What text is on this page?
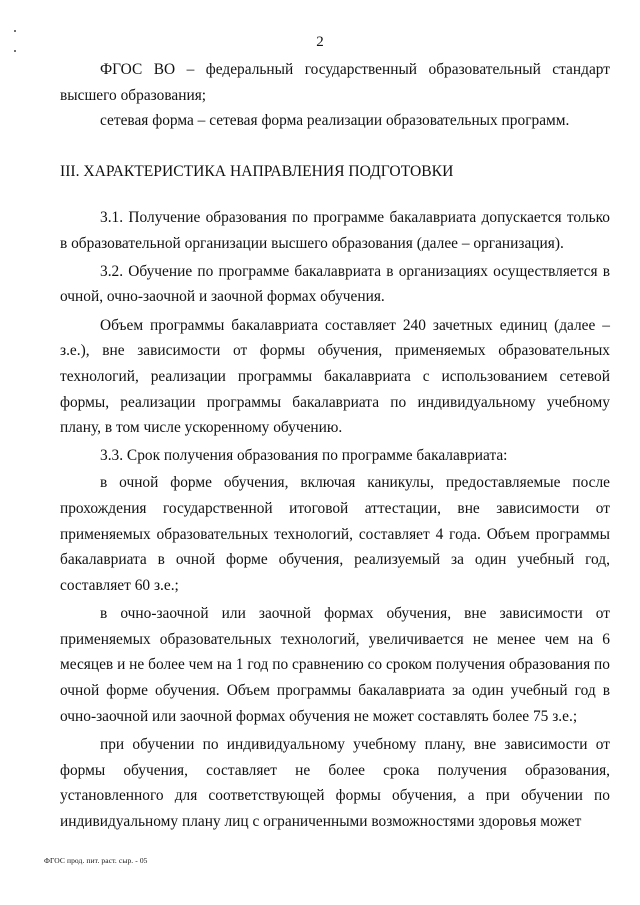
2

ФГОС ВО – федеральный государственный образовательный стандарт высшего образования;

сетевая форма – сетевая форма реализации образовательных программ.

III. ХАРАКТЕРИСТИКА НАПРАВЛЕНИЯ ПОДГОТОВКИ

3.1. Получение образования по программе бакалавриата допускается только в образовательной организации высшего образования (далее – организация).

3.2. Обучение по программе бакалавриата в организациях осуществляется в очной, очно-заочной и заочной формах обучения.

Объем программы бакалавриата составляет 240 зачетных единиц (далее – з.е.), вне зависимости от формы обучения, применяемых образовательных технологий, реализации программы бакалавриата с использованием сетевой формы, реализации программы бакалавриата по индивидуальному учебному плану, в том числе ускоренному обучению.

3.3. Срок получения образования по программе бакалавриата:

в очной форме обучения, включая каникулы, предоставляемые после прохождения государственной итоговой аттестации, вне зависимости от применяемых образовательных технологий, составляет 4 года. Объем программы бакалавриата в очной форме обучения, реализуемый за один учебный год, составляет 60 з.е.;

в очно-заочной или заочной формах обучения, вне зависимости от применяемых образовательных технологий, увеличивается не менее чем на 6 месяцев и не более чем на 1 год по сравнению со сроком получения образования по очной форме обучения. Объем программы бакалавриата за один учебный год в очно-заочной или заочной формах обучения не может составлять более 75 з.е.;

при обучении по индивидуальному учебному плану, вне зависимости от формы обучения, составляет не более срока получения образования, установленного для соответствующей формы обучения, а при обучении по индивидуальному плану лиц с ограниченными возможностями здоровья может

ФГОС прод. пит. раст. сыр. - 05
